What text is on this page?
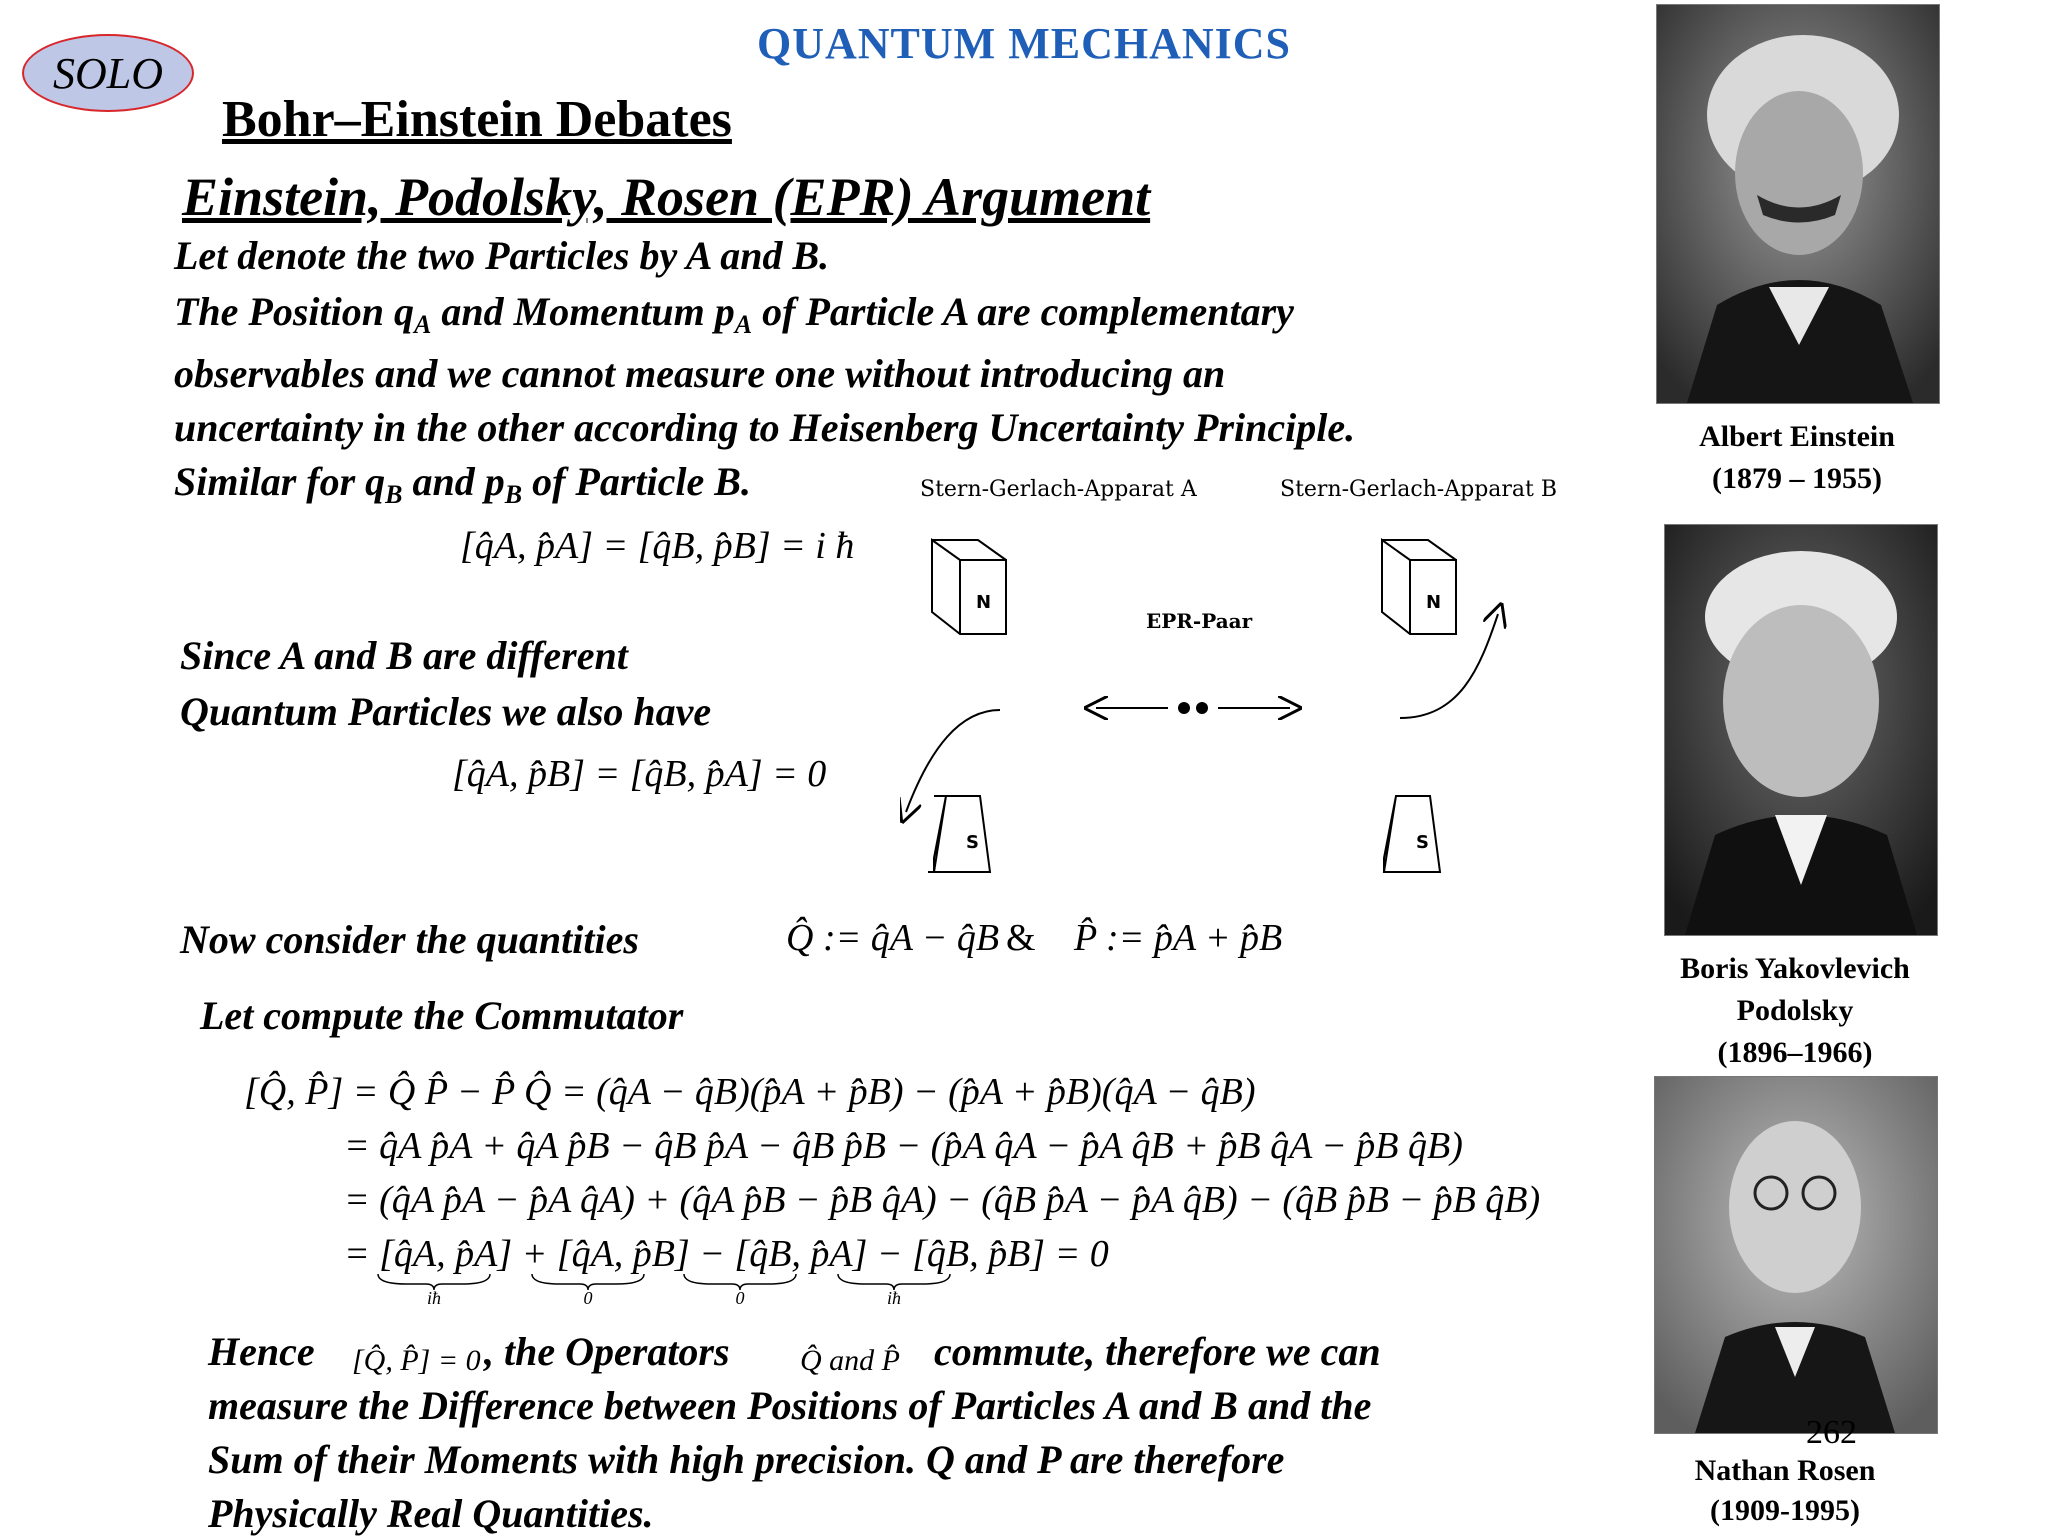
QUANTUM MECHANICS
SOLO
Bohr–Einstein Debates
Einstein, Podolsky, Rosen (EPR) Argument
Let denote the two Particles by A and B.
The Position $q_A$ and Momentum $p_A$ of Particle A are complementary
observables and we cannot measure one without introducing an
uncertainty in the other according to Heisenberg Uncertainty Principle.
Similar for $q_B$ and $p_B$ of Particle B.
[q̂A, p̂A] = [q̂B, p̂B] = i ħ
Since A and B are different
Quantum Particles we also have
[q̂A, p̂B] = [q̂B, p̂A] = 0
Stern-Gerlach-Apparat A	Stern-Gerlach-Apparat B
N	N
EPR-Paar
S	S
Now consider the quantities	Q̂ := q̂A − q̂B & P̂ := p̂A + p̂B
Let compute the Commutator
[Q̂, P̂] = Q̂ P̂ − P̂ Q̂ = (q̂A − q̂B)(p̂A + p̂B) − (p̂A + p̂B)(q̂A − q̂B)
= q̂A p̂A + q̂A p̂B − q̂B p̂A − q̂B p̂B − (p̂A q̂A − p̂A q̂B + p̂B q̂A − p̂B q̂B)
= (q̂A p̂A − p̂A q̂A) + (q̂A p̂B − p̂B q̂A) − (q̂B p̂A − p̂A q̂B) − (q̂B p̂B − p̂B q̂B)
= [q̂A, p̂A] + [q̂A, p̂B] − [q̂B, p̂A] − [q̂B, p̂B] = 0
iħ	0	0	iħ
Hence [Q̂, P̂] = 0 , the Operators Q̂ and P̂ commute, therefore we can
measure the Difference between Positions of Particles A and B and the
Sum of their Moments with high precision. Q and P are therefore
Physically Real Quantities.
Albert Einstein
(1879 – 1955)
Boris Yakovlevich
Podolsky
(1896–1966)
262
Nathan Rosen
(1909-1995)
